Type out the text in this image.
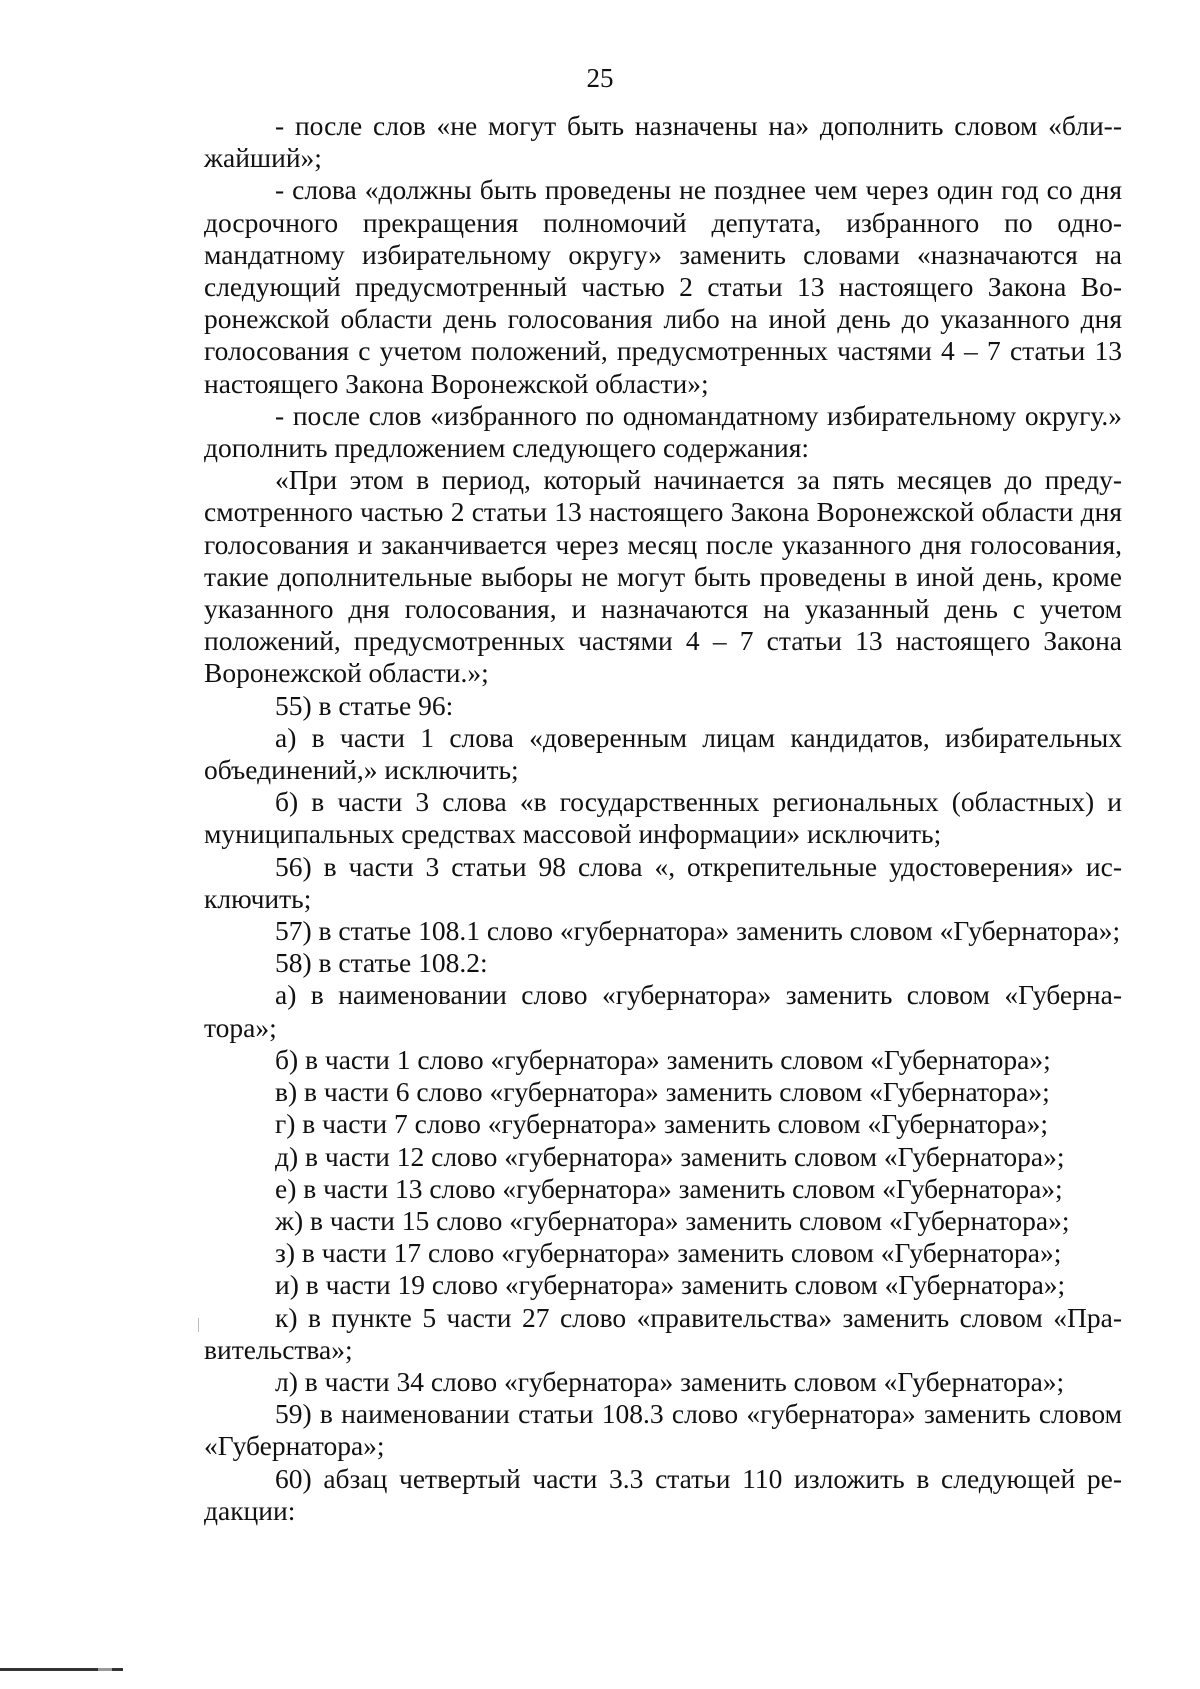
25

- после слов «не могут быть назначены на» дополнить словом «бли-жайший»;

- слова «должны быть проведены не позднее чем через один год со дня досрочного прекращения полномочий депутата, избранного по одномандатному избирательному округу» заменить словами «назначаются на следующий предусмотренный частью 2 статьи 13 настоящего Закона Воронежской области день голосования либо на иной день до указанного дня голосования с учетом положений, предусмотренных частями 4 – 7 статьи 13 настоящего Закона Воронежской области»;

- после слов «избранного по одномандатному избирательному округу.» дополнить предложением следующего содержания:

«При этом в период, который начинается за пять месяцев до предусмотренного частью 2 статьи 13 настоящего Закона Воронежской области дня голосования и заканчивается через месяц после указанного дня голосования, такие дополнительные выборы не могут быть проведены в иной день, кроме указанного дня голосования, и назначаются на указанный день с учетом положений, предусмотренных частями 4 – 7 статьи 13 настоящего Закона Воронежской области.»;

55) в статье 96:

а) в части 1 слова «доверенным лицам кандидатов, избирательных объединений,» исключить;

б) в части 3 слова «в государственных региональных (областных) и муниципальных средствах массовой информации» исключить;

56) в части 3 статьи 98 слова «, открепительные удостоверения» исключить;

57) в статье 108.1 слово «губернатора» заменить словом «Губернатора»;

58) в статье 108.2:

а) в наименовании слово «губернатора» заменить словом «Губернатора»;

б) в части 1 слово «губернатора» заменить словом «Губернатора»;

в) в части 6 слово «губернатора» заменить словом «Губернатора»;

г) в части 7 слово «губернатора» заменить словом «Губернатора»;

д) в части 12 слово «губернатора» заменить словом «Губернатора»;

е) в части 13 слово «губернатора» заменить словом «Губернатора»;

ж) в части 15 слово «губернатора» заменить словом «Губернатора»;

з) в части 17 слово «губернатора» заменить словом «Губернатора»;

и) в части 19 слово «губернатора» заменить словом «Губернатора»;

к) в пункте 5 части 27 слово «правительства» заменить словом «Правительства»;

л) в части 34 слово «губернатора» заменить словом «Губернатора»;

59) в наименовании статьи 108.3 слово «губернатора» заменить словом «Губернатора»;

60) абзац четвертый части 3.3 статьи 110 изложить в следующей редакции:
